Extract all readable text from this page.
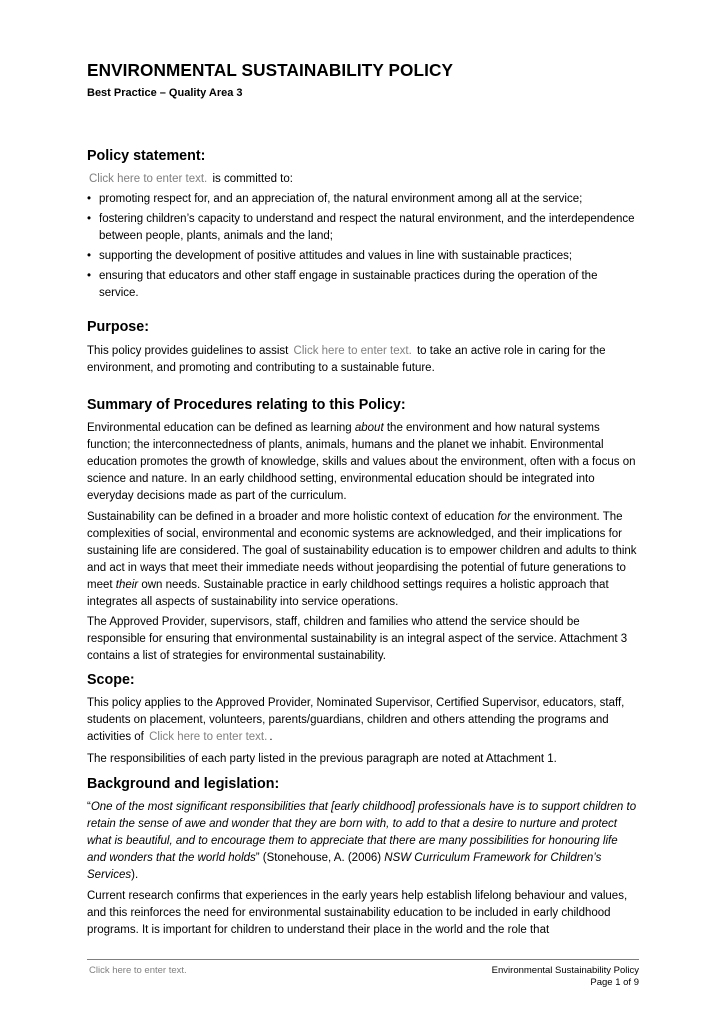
ENVIRONMENTAL SUSTAINABILITY POLICY
Best Practice – Quality Area 3
Policy statement:

Click here to enter text. is committed to:

• promoting respect for, and an appreciation of, the natural environment among all at the service;
• fostering children’s capacity to understand and respect the natural environment, and the interdependence between people, plants, animals and the land;
• supporting the development of positive attitudes and values in line with sustainable practices;
• ensuring that educators and other staff engage in sustainable practices during the operation of the service.
Purpose:

This policy provides guidelines to assist Click here to enter text. to take an active role in caring for the environment, and promoting and contributing to a sustainable future.

Summary of Procedures relating to this Policy:

Environmental education can be defined as learning about the environment and how natural systems function; the interconnectedness of plants, animals, humans and the planet we inhabit. Environmental education promotes the growth of knowledge, skills and values about the environment, often with a focus on science and nature. In an early childhood setting, environmental education should be integrated into everyday decisions made as part of the curriculum.

Sustainability can be defined in a broader and more holistic context of education for the environment. The complexities of social, environmental and economic systems are acknowledged, and their implications for sustaining life are considered. The goal of sustainability education is to empower children and adults to think and act in ways that meet their immediate needs without jeopardising the potential of future generations to meet their own needs. Sustainable practice in early childhood settings requires a holistic approach that integrates all aspects of sustainability into service operations.

The Approved Provider, supervisors, staff, children and families who attend the service should be responsible for ensuring that environmental sustainability is an integral aspect of the service. Attachment 3 contains a list of strategies for environmental sustainability.

Scope:

This policy applies to the Approved Provider, Nominated Supervisor, Certified Supervisor, educators, staff, students on placement, volunteers, parents/guardians, children and others attending the programs and activities of Click here to enter text. .

The responsibilities of each party listed in the previous paragraph are noted at Attachment 1.

Background and legislation:

“One of the most significant responsibilities that [early childhood] professionals have is to support children to retain the sense of awe and wonder that they are born with, to add to that a desire to nurture and protect what is beautiful, and to encourage them to appreciate that there are many possibilities for honouring life and wonders that the world holds” (Stonehouse, A. (2006) NSW Curriculum Framework for Children’s Services).

Current research confirms that experiences in the early years help establish lifelong behaviour and values, and this reinforces the need for environmental sustainability education to be included in early childhood programs. It is important for children to understand their place in the world and the role that

Click here to enter text.	Environmental Sustainability Policy
Page 1 of 9
